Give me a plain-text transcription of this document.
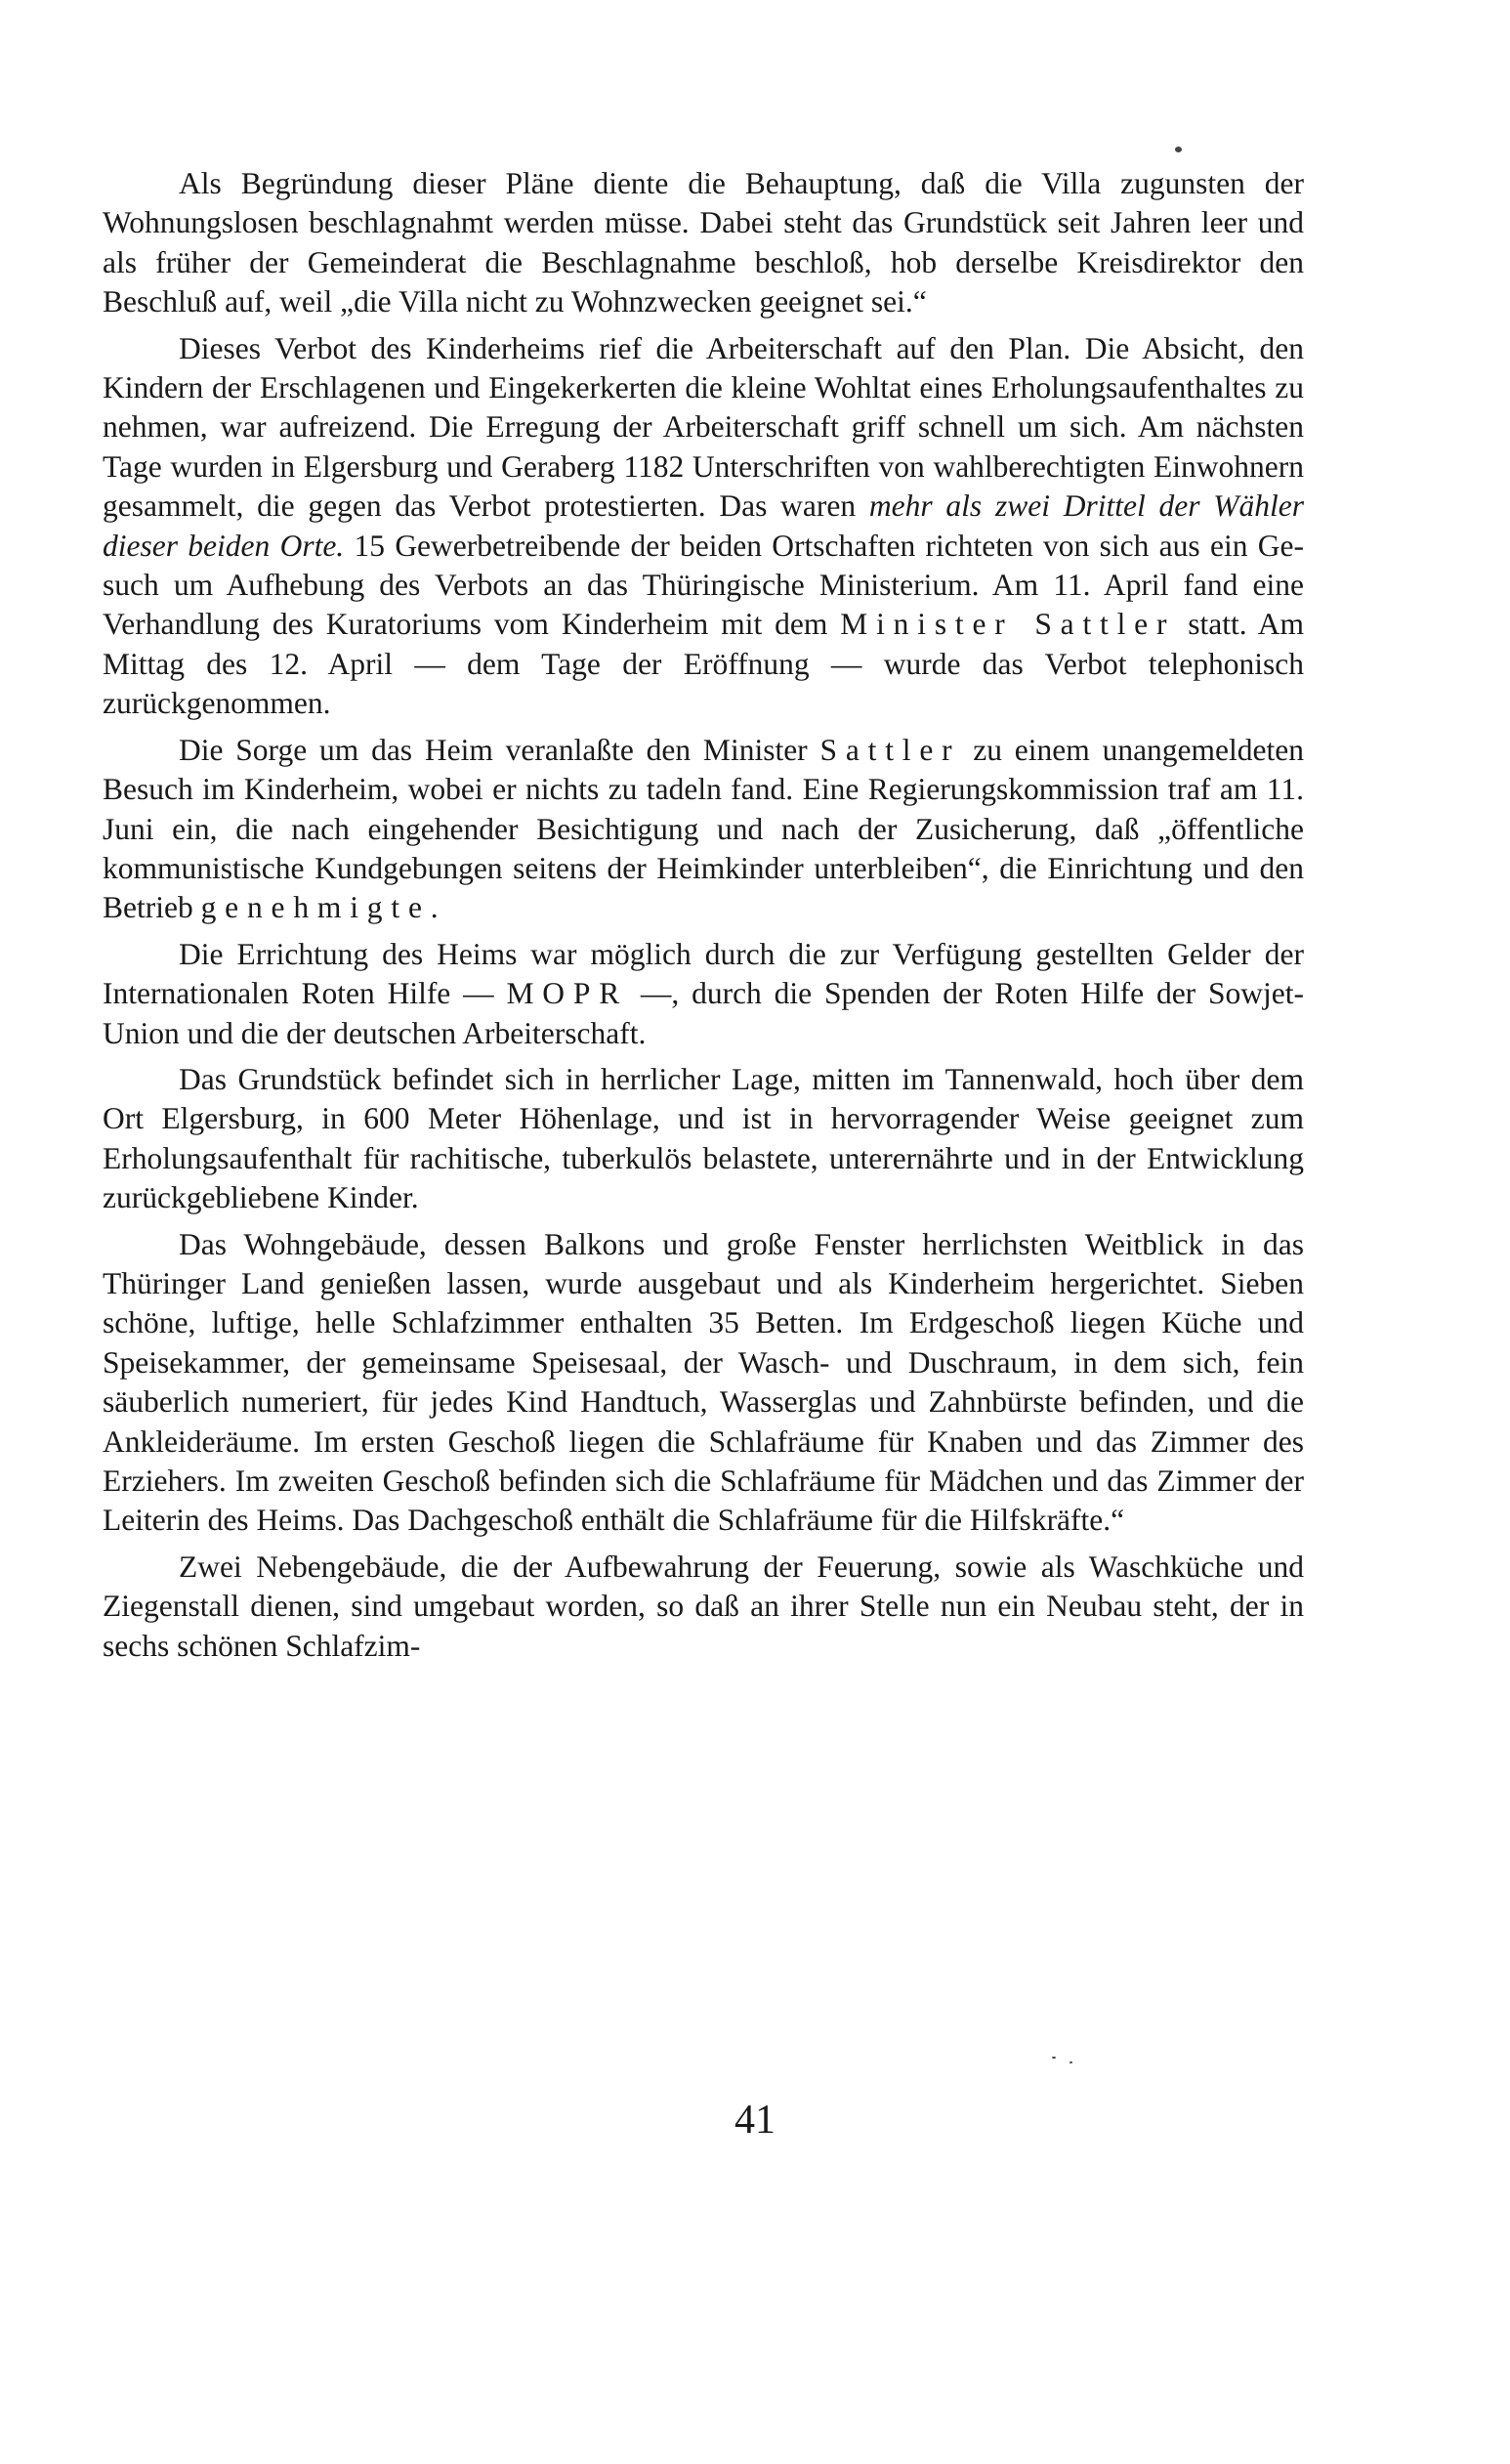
Als Begründung dieser Pläne diente die Behauptung, daß die Villa zugunsten der Wohnungslosen beschlagnahmt werden müsse. Dabei steht das Grundstück seit Jahren leer und als früher der Gemeinderat die Beschlagnahme beschloß, hob derselbe Kreisdirektor den Beschluß auf, weil „die Villa nicht zu Wohnzwecken geeignet sei.“

Dieses Verbot des Kinderheims rief die Arbeiterschaft auf den Plan. Die Absicht, den Kindern der Erschlagenen und Eingekerkerten die kleine Wohltat eines Erholungsaufenthaltes zu nehmen, war aufreizend. Die Erregung der Arbeiterschaft griff schnell um sich. Am nächsten Tage wurden in Elgersburg und Geraberg 1182 Unterschriften von wahlberechtigten Einwohnern gesammelt, die gegen das Verbot protestierten. Das waren mehr als zwei Drittel der Wähler dieser beiden Orte. 15 Gewerbetreibende der beiden Ortschaften richteten von sich aus ein Gesuch um Aufhebung des Verbots an das Thüringische Ministerium. Am 11. April fand eine Verhandlung des Kuratoriums vom Kinderheim mit dem Minister Sattler statt. Am Mittag des 12. April — dem Tage der Eröffnung — wurde das Verbot telephonisch zurückgenommen.

Die Sorge um das Heim veranlaßte den Minister Sattler zu einem unangemeldeten Besuch im Kinderheim, wobei er nichts zu tadeln fand. Eine Regierungskommission traf am 11. Juni ein, die nach eingehender Besichtigung und nach der Zusicherung, daß „öffentliche kommunistische Kundgebungen seitens der Heimkinder unterbleiben“, die Einrichtung und den Betrieb genehmigte.

Die Errichtung des Heims war möglich durch die zur Verfügung gestellten Gelder der Internationalen Roten Hilfe — MOPR —, durch die Spenden der Roten Hilfe der Sowjet-Union und die der deutschen Arbeiterschaft.

Das Grundstück befindet sich in herrlicher Lage, mitten im Tannenwald, hoch über dem Ort Elgersburg, in 600 Meter Höhenlage, und ist in hervorragender Weise geeignet zum Erholungsaufenthalt für rachitische, tuberkulös belastete, unterernährte und in der Entwicklung zurückgebliebene Kinder.

Das Wohngebäude, dessen Balkons und große Fenster herrlichsten Weitblick in das Thüringer Land genießen lassen, wurde ausgebaut und als Kinderheim hergerichtet. Sieben schöne, luftige, helle Schlafzimmer enthalten 35 Betten. Im Erdgeschoß liegen Küche und Speisekammer, der gemeinsame Speisesaal, der Wasch- und Duschraum, in dem sich, fein säuberlich numeriert, für jedes Kind Handtuch, Wasserglas und Zahnbürste befinden, und die Ankleideräume. Im ersten Geschoß liegen die Schlafräume für Knaben und das Zimmer des Erziehers. Im zweiten Geschoß befinden sich die Schlafräume für Mädchen und das Zimmer der Leiterin des Heims. Das Dachgeschoß enthält die Schlafräume für die Hilfskräfte.“

Zwei Nebengebäude, die der Aufbewahrung der Feuerung, sowie als Waschküche und Ziegenstall dienen, sind umgebaut worden, so daß an ihrer Stelle nun ein Neubau steht, der in sechs schönen Schlafzim-

41
